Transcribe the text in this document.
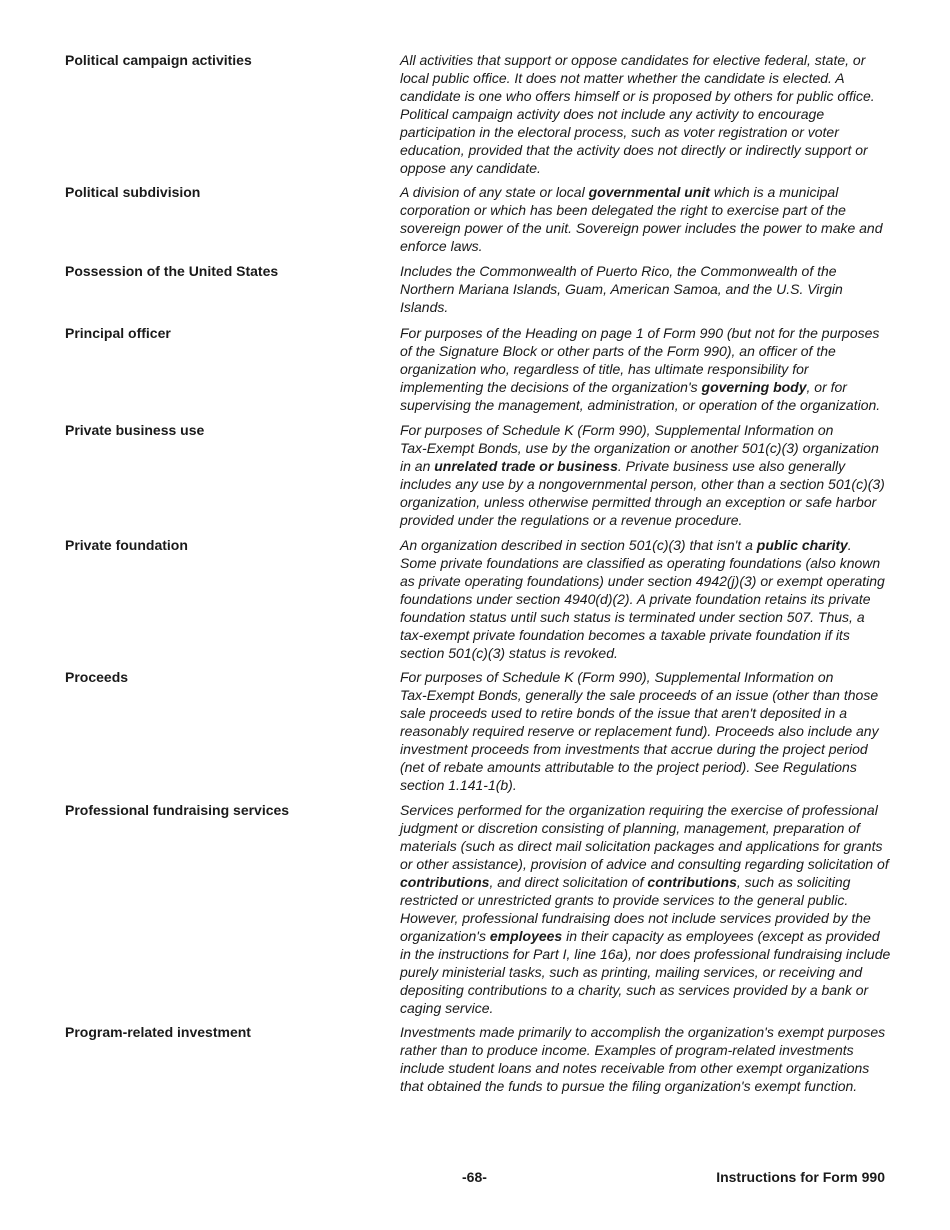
Political campaign activities	All activities that support or oppose candidates for elective federal, state, or
local public office. It does not matter whether the candidate is elected. A
candidate is one who offers himself or is proposed by others for public office.
Political campaign activity does not include any activity to encourage
participation in the electoral process, such as voter registration or voter
education, provided that the activity does not directly or indirectly support or
oppose any candidate.
Political subdivision	A division of any state or local governmental unit which is a municipal
corporation or which has been delegated the right to exercise part of the
sovereign power of the unit. Sovereign power includes the power to make and
enforce laws.
Possession of the United States	Includes the Commonwealth of Puerto Rico, the Commonwealth of the
Northern Mariana Islands, Guam, American Samoa, and the U.S. Virgin
Islands.
Principal officer	For purposes of the Heading on page 1 of Form 990 (but not for the purposes
of the Signature Block or other parts of the Form 990), an officer of the
organization who, regardless of title, has ultimate responsibility for
implementing the decisions of the organization's governing body, or for
supervising the management, administration, or operation of the organization.
Private business use	For purposes of Schedule K (Form 990), Supplemental Information on
Tax-Exempt Bonds, use by the organization or another 501(c)(3) organization
in an unrelated trade or business. Private business use also generally
includes any use by a nongovernmental person, other than a section 501(c)(3)
organization, unless otherwise permitted through an exception or safe harbor
provided under the regulations or a revenue procedure.
Private foundation	An organization described in section 501(c)(3) that isn't a public charity.
Some private foundations are classified as operating foundations (also known
as private operating foundations) under section 4942(j)(3) or exempt operating
foundations under section 4940(d)(2). A private foundation retains its private
foundation status until such status is terminated under section 507. Thus, a
tax-exempt private foundation becomes a taxable private foundation if its
section 501(c)(3) status is revoked.
Proceeds	For purposes of Schedule K (Form 990), Supplemental Information on
Tax-Exempt Bonds, generally the sale proceeds of an issue (other than those
sale proceeds used to retire bonds of the issue that aren't deposited in a
reasonably required reserve or replacement fund). Proceeds also include any
investment proceeds from investments that accrue during the project period
(net of rebate amounts attributable to the project period). See Regulations
section 1.141-1(b).
Professional fundraising services	Services performed for the organization requiring the exercise of professional
judgment or discretion consisting of planning, management, preparation of
materials (such as direct mail solicitation packages and applications for grants
or other assistance), provision of advice and consulting regarding solicitation of
contributions, and direct solicitation of contributions, such as soliciting
restricted or unrestricted grants to provide services to the general public.
However, professional fundraising does not include services provided by the
organization's employees in their capacity as employees (except as provided
in the instructions for Part I, line 16a), nor does professional fundraising include
purely ministerial tasks, such as printing, mailing services, or receiving and
depositing contributions to a charity, such as services provided by a bank or
caging service.
Program-related investment	Investments made primarily to accomplish the organization's exempt purposes
rather than to produce income. Examples of program-related investments
include student loans and notes receivable from other exempt organizations
that obtained the funds to pursue the filing organization's exempt function.
-68-	Instructions for Form 990
